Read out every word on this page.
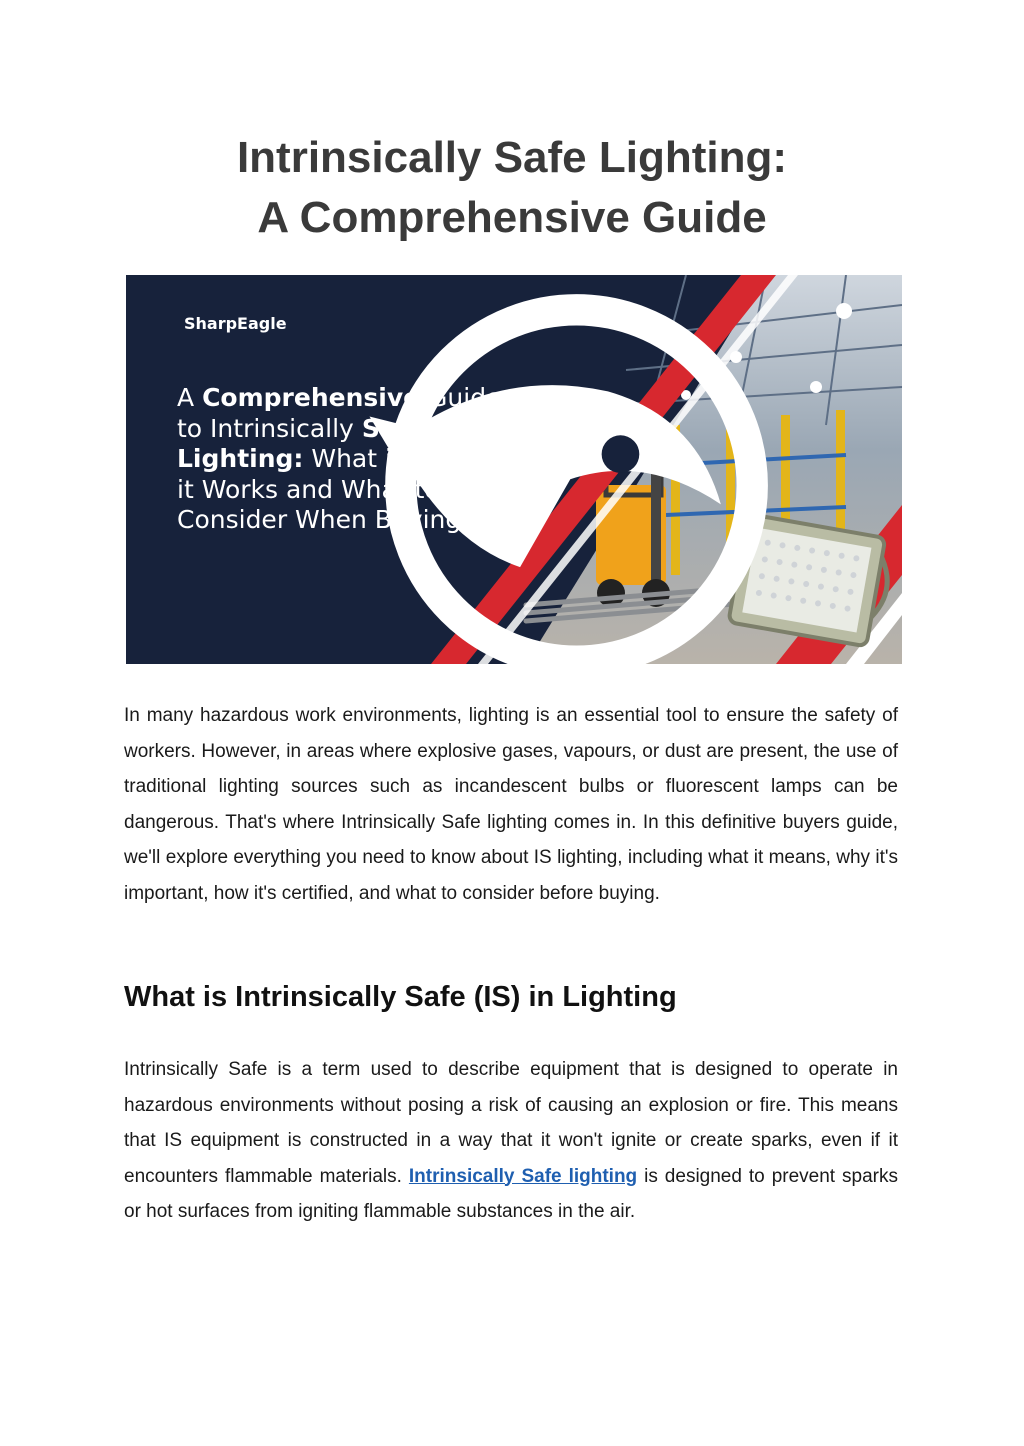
Intrinsically Safe Lighting:
A Comprehensive Guide
SharpEagle
A Comprehensive Guide to Intrinsically Safe Lighting: What it is, How it Works and What to Consider When Buying

In many hazardous work environments, lighting is an essential tool to ensure the safety of workers. However, in areas where explosive gases, vapours, or dust are present, the use of traditional lighting sources such as incandescent bulbs or fluorescent lamps can be dangerous. That's where Intrinsically Safe lighting comes in. In this definitive buyers guide, we'll explore everything you need to know about IS lighting, including what it means, why it's important, how it's certified, and what to consider before buying.

What is Intrinsically Safe (IS) in Lighting

Intrinsically Safe is a term used to describe equipment that is designed to operate in hazardous environments without posing a risk of causing an explosion or fire. This means that IS equipment is constructed in a way that it won't ignite or create sparks, even if it encounters flammable materials. Intrinsically Safe lighting is designed to prevent sparks or hot surfaces from igniting flammable substances in the air.
